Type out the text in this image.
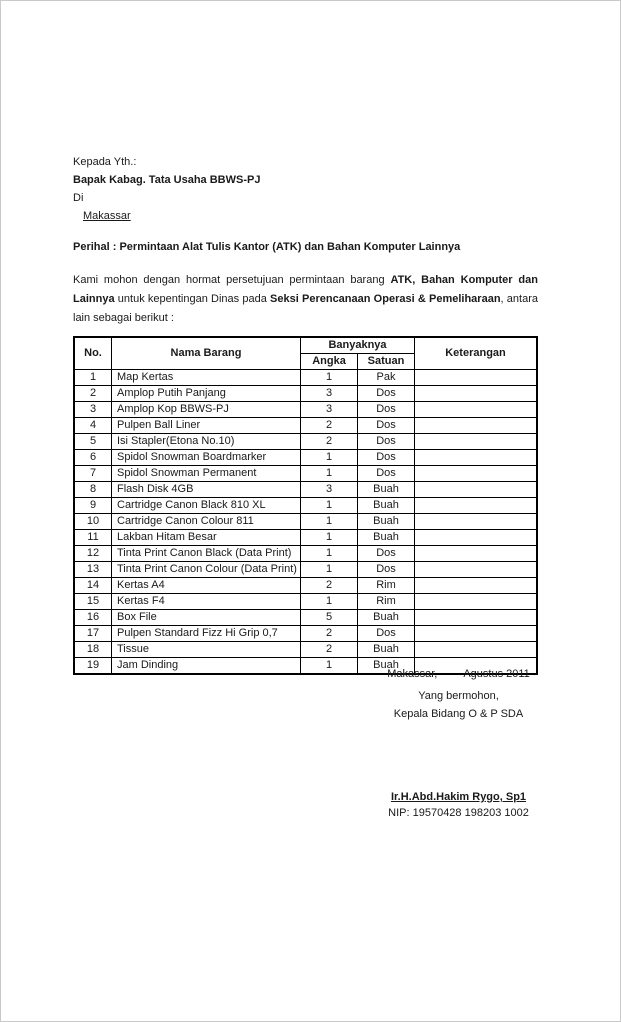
Kepada Yth.:
Bapak Kabag. Tata Usaha BBWS-PJ
Di
Makassar
Perihal : Permintaan Alat Tulis Kantor (ATK) dan Bahan Komputer Lainnya
Kami mohon dengan hormat persetujuan permintaan barang ATK, Bahan Komputer dan Lainnya untuk kepentingan Dinas pada Seksi Perencanaan Operasi & Pemeliharaan, antara lain sebagai berikut :
No.	Nama Barang	Banyaknya		Keterangan
		Angka	Satuan	
1	Map Kertas	1	Pak	
2	Amplop Putih Panjang	3	Dos	
3	Amplop Kop BBWS-PJ	3	Dos	
4	Pulpen Ball Liner	2	Dos	
5	Isi Stapler(Etona No.10)	2	Dos	
6	Spidol Snowman Boardmarker	1	Dos	
7	Spidol Snowman Permanent	1	Dos	
8	Flash Disk 4GB	3	Buah	
9	Cartridge Canon Black 810 XL	1	Buah	
10	Cartridge Canon Colour 811	1	Buah	
11	Lakban Hitam Besar	1	Buah	
12	Tinta Print Canon Black (Data Print)	1	Dos	
13	Tinta Print Canon Colour (Data Print)	1	Dos	
14	Kertas A4	2	Rim	
15	Kertas F4	1	Rim	
16	Box File	5	Buah	
17	Pulpen Standard Fizz Hi Grip 0,7	2	Dos	
18	Tissue	2	Buah	
19	Jam Dinding	1	Buah	
Makassar, Agustus 2011
Yang bermohon,
Kepala Bidang O & P SDA
Ir.H.Abd.Hakim Rygo, Sp1
NIP: 19570428 198203 1002
